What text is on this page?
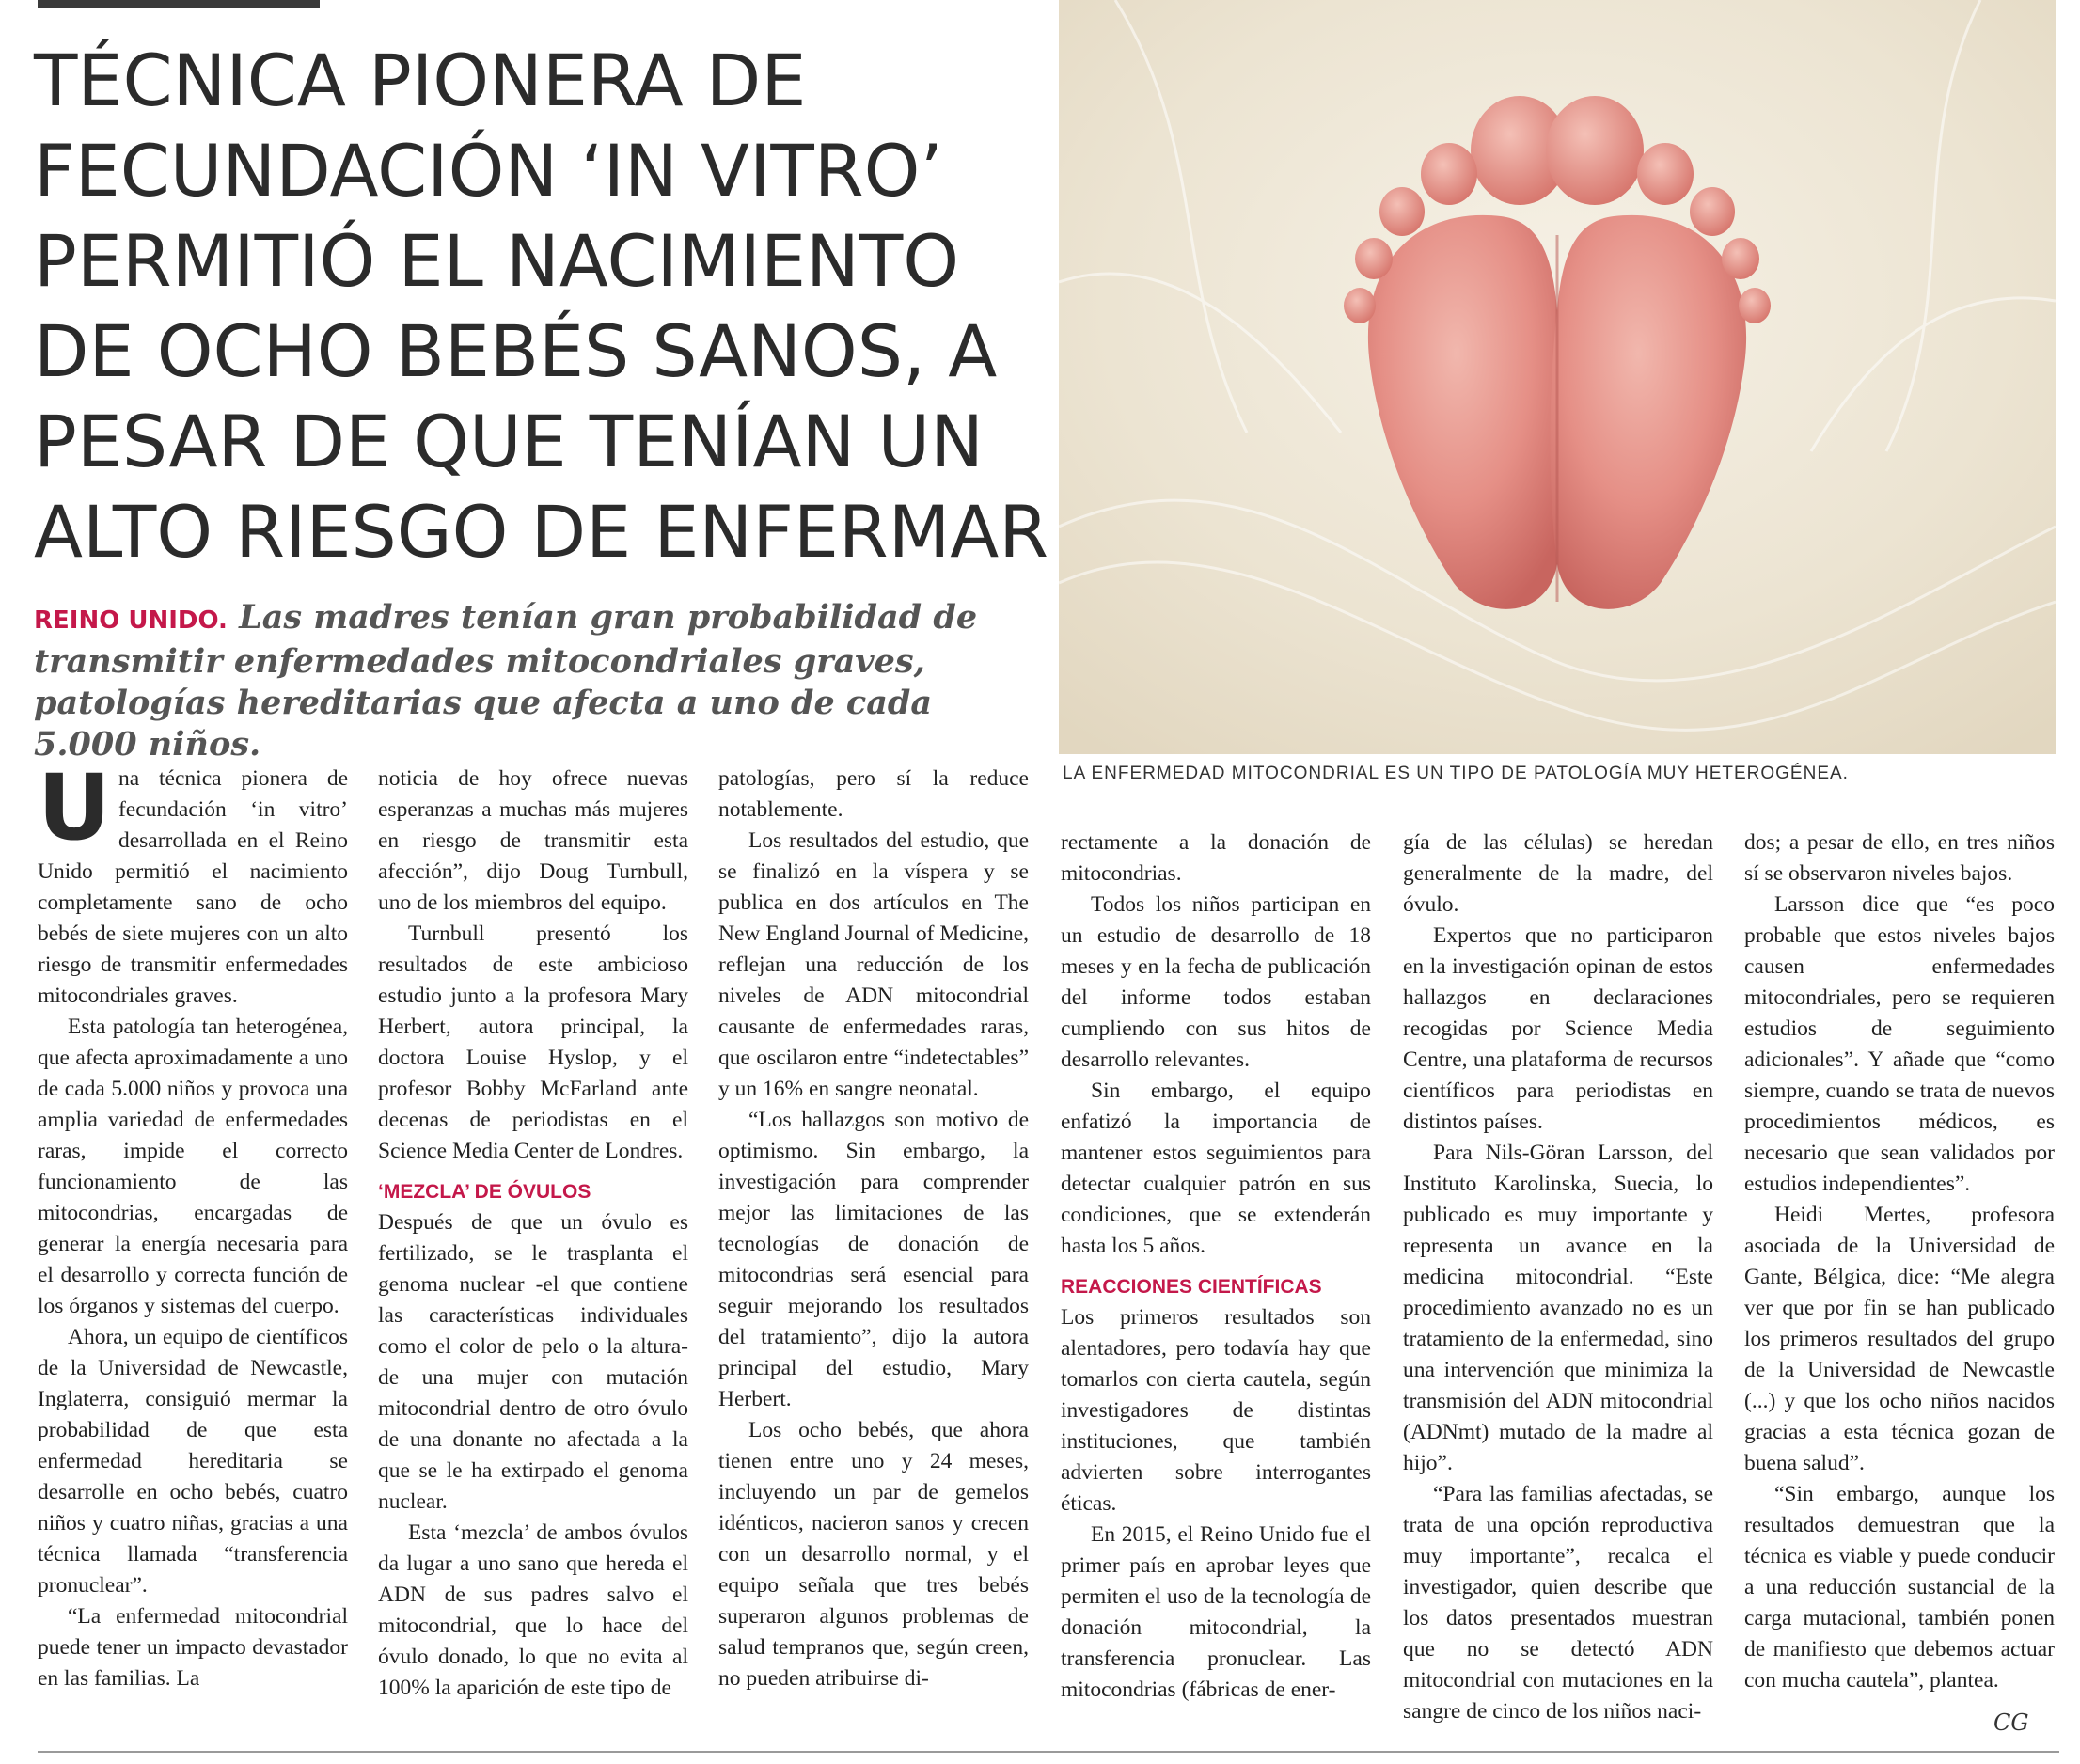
TÉCNICA PIONERA DE
FECUNDACIÓN ‘IN VITRO’
PERMITIÓ EL NACIMIENTO
DE OCHO BEBÉS SANOS, A
PESAR DE QUE TENÍAN UN
ALTO RIESGO DE ENFERMAR

REINO UNIDO. Las madres tenían gran probabilidad de transmitir enfermedades mitocondriales graves, patologías hereditarias que afecta a uno de cada 5.000 niños.

LA ENFERMEDAD MITOCONDRIAL ES UN TIPO DE PATOLOGÍA MUY HETEROGÉNEA.

U na técnica pionera de fecundación ‘in vitro’ desarrollada en el Reino Unido permitió el nacimiento completamente sano de ocho bebés de siete mujeres con un alto riesgo de transmitir enfermedades mitocondriales graves.

Esta patología tan heterogénea, que afecta aproximadamente a uno de cada 5.000 niños y provoca una amplia variedad de enfermedades raras, impide el correcto funcionamiento de las mitocondrias, encargadas de generar la energía necesaria para el desarrollo y correcta función de los órganos y sistemas del cuerpo.

Ahora, un equipo de científicos de la Universidad de Newcastle, Inglaterra, consiguió mermar la probabilidad de que esta enfermedad hereditaria se desarrolle en ocho bebés, cuatro niños y cuatro niñas, gracias a una técnica llamada “transferencia pronuclear”.

“La enfermedad mitocondrial puede tener un impacto devastador en las familias. La

noticia de hoy ofrece nuevas esperanzas a muchas más mujeres en riesgo de transmitir esta afección”, dijo Doug Turnbull, uno de los miembros del equipo.

Turnbull presentó los resultados de este ambicioso estudio junto a la profesora Mary Herbert, autora principal, la doctora Louise Hyslop, y el profesor Bobby McFarland ante decenas de periodistas en el Science Media Center de Londres.

‘MEZCLA’ DE ÓVULOS

Después de que un óvulo es fertilizado, se le trasplanta el genoma nuclear -el que contiene las características individuales como el color de pelo o la altura- de una mujer con mutación mitocondrial dentro de otro óvulo de una donante no afectada a la que se le ha extirpado el genoma nuclear.

Esta ‘mezcla’ de ambos óvulos da lugar a uno sano que hereda el ADN de sus padres salvo el mitocondrial, que lo hace del óvulo donado, lo que no evita al 100% la aparición de este tipo de

patologías, pero sí la reduce notablemente.

Los resultados del estudio, que se finalizó en la víspera y se publica en dos artículos en The New England Journal of Medicine, reflejan una reducción de los niveles de ADN mitocondrial causante de enfermedades raras, que oscilaron entre “indetectables” y un 16% en sangre neonatal.

“Los hallazgos son motivo de optimismo. Sin embargo, la investigación para comprender mejor las limitaciones de las tecnologías de donación de mitocondrias será esencial para seguir mejorando los resultados del tratamiento”, dijo la autora principal del estudio, Mary Herbert.

Los ocho bebés, que ahora tienen entre uno y 24 meses, incluyendo un par de gemelos idénticos, nacieron sanos y crecen con un desarrollo normal, y el equipo señala que tres bebés superaron algunos problemas de salud tempranos que, según creen, no pueden atribuirse di-

rectamente a la donación de mitocondrias.

Todos los niños participan en un estudio de desarrollo de 18 meses y en la fecha de publicación del informe todos estaban cumpliendo con sus hitos de desarrollo relevantes.

Sin embargo, el equipo enfatizó la importancia de mantener estos seguimientos para detectar cualquier patrón en sus condiciones, que se extenderán hasta los 5 años.

REACCIONES CIENTÍFICAS

Los primeros resultados son alentadores, pero todavía hay que tomarlos con cierta cautela, según investigadores de distintas instituciones, que también advierten sobre interrogantes éticas.

En 2015, el Reino Unido fue el primer país en aprobar leyes que permiten el uso de la tecnología de donación mitocondrial, la transferencia pronuclear. Las mitocondrias (fábricas de ener-

gía de las células) se heredan generalmente de la madre, del óvulo.

Expertos que no participaron en la investigación opinan de estos hallazgos en declaraciones recogidas por Science Media Centre, una plataforma de recursos científicos para periodistas en distintos países.

Para Nils-Göran Larsson, del Instituto Karolinska, Suecia, lo publicado es muy importante y representa un avance en la medicina mitocondrial. “Este procedimiento avanzado no es un tratamiento de la enfermedad, sino una intervención que minimiza la transmisión del ADN mitocondrial (ADNmt) mutado de la madre al hijo”.

“Para las familias afectadas, se trata de una opción reproductiva muy importante”, recalca el investigador, quien describe que los datos presentados muestran que no se detectó ADN mitocondrial con mutaciones en la sangre de cinco de los niños naci-

dos; a pesar de ello, en tres niños sí se observaron niveles bajos.

Larsson dice que “es poco probable que estos niveles bajos causen enfermedades mitocondriales, pero se requieren estudios de seguimiento adicionales”. Y añade que “como siempre, cuando se trata de nuevos procedimientos médicos, es necesario que sean validados por estudios independientes”.

Heidi Mertes, profesora asociada de la Universidad de Gante, Bélgica, dice: “Me alegra ver que por fin se han publicado los primeros resultados del grupo de la Universidad de Newcastle (...) y que los ocho niños nacidos gracias a esta técnica gozan de buena salud”.

“Sin embargo, aunque los resultados demuestran que la técnica es viable y puede conducir a una reducción sustancial de la carga mutacional, también ponen de manifiesto que debemos actuar con mucha cautela”, plantea.

CG
